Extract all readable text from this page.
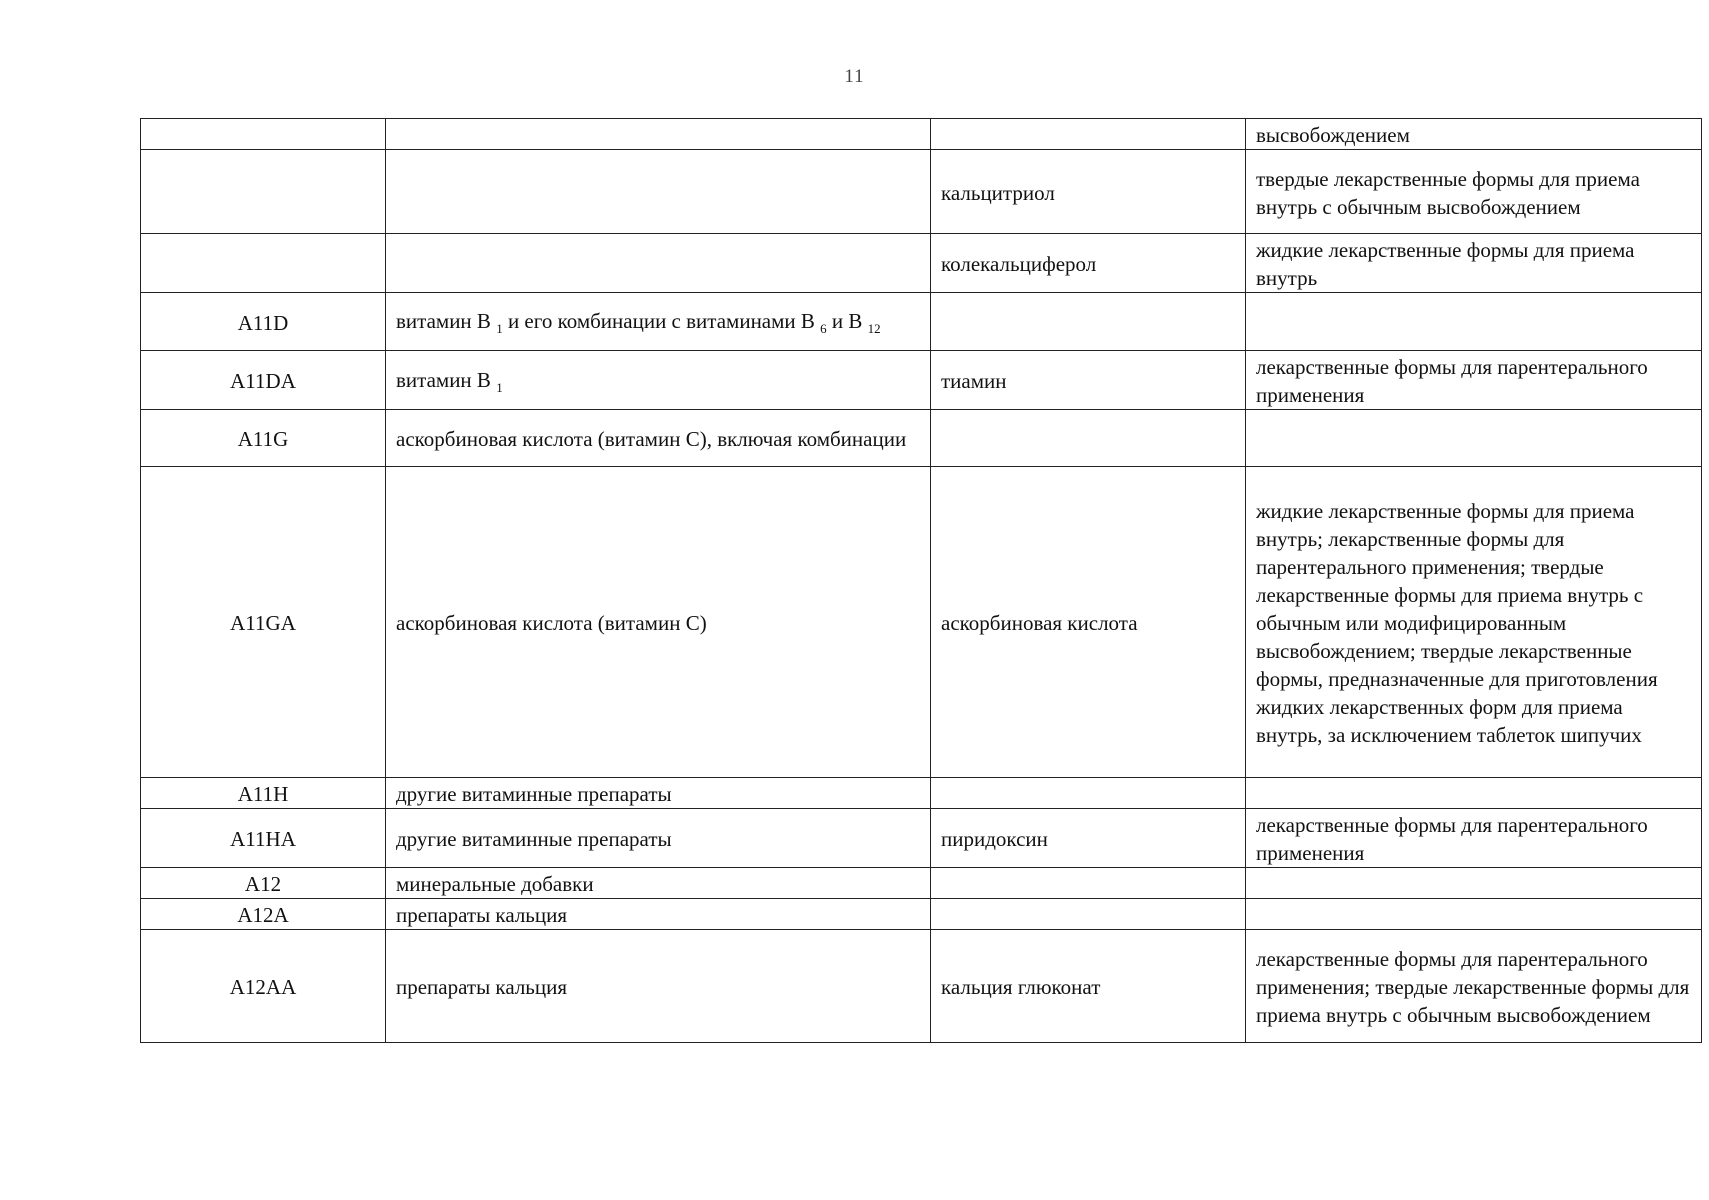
11
			высвобождением
		кальцитриол	твердые лекарственные формы для приема внутрь с обычным высвобождением
		колекальциферол	жидкие лекарственные формы для приема внутрь
A11D	витамин B $_1$ и его комбинации с витаминами B $_6$ и B $_{12}$		
A11DA	витамин B $_1$	тиамин	лекарственные формы для парентерального применения
A11G	аскорбиновая кислота (витамин C), включая комбинации		
A11GA	аскорбиновая кислота (витамин C)	аскорбиновая кислота	жидкие лекарственные формы для приема внутрь; лекарственные формы для парентерального применения; твердые лекарственные формы для приема внутрь с обычным или модифицированным высвобождением; твердые лекарственные формы, предназначенные для приготовления жидких лекарственных форм для приема внутрь, за исключением таблеток шипучих
A11H	другие витаминные препараты		
A11HA	другие витаминные препараты	пиридоксин	лекарственные формы для парентерального применения
A12	минеральные добавки		
A12A	препараты кальция		
A12AA	препараты кальция	кальция глюконат	лекарственные формы для парентерального применения; твердые лекарственные формы для приема внутрь с обычным высвобождением
